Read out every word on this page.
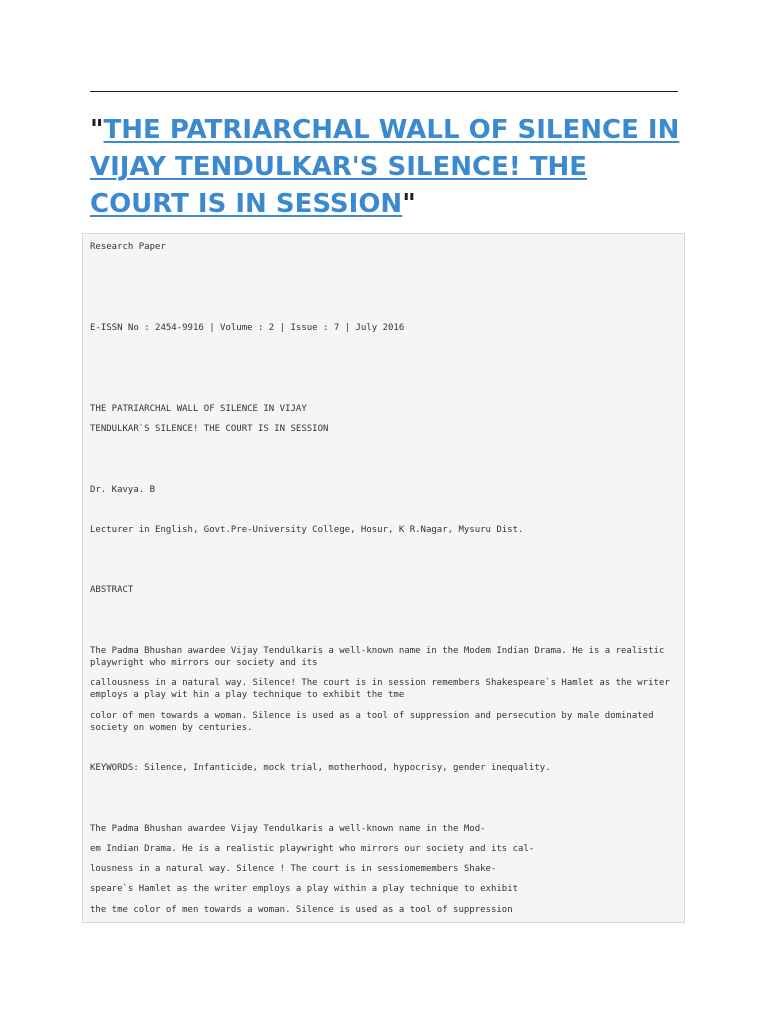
"THE PATRIARCHAL WALL OF SILENCE IN VIJAY TENDULKAR'S SILENCE! THE COURT IS IN SESSION"

Research Paper

E-ISSN No : 2454-9916 | Volume : 2 | Issue : 7 | July 2016

THE PATRIARCHAL WALL OF SILENCE IN VIJAY

TENDULKAR`S SILENCE! THE COURT IS IN SESSION

Dr. Kavya. B

Lecturer in English, Govt.Pre-University College, Hosur, K R.Nagar, Mysuru Dist.

ABSTRACT

The Padma Bhushan awardee Vijay Tendulkaris a well-known name in the Modem Indian Drama. He is a realistic playwright who mirrors our society and its

callousness in a natural way. Silence! The court is in session remembers Shakespeare`s Hamlet as the writer employs a play wit hin a play technique to exhibit the tme

color of men towards a woman. Silence is used as a tool of suppression and persecution by male dominated society on women by centuries.

KEYWORDS: Silence, Infanticide, mock trial, motherhood, hypocrisy, gender inequality.

The Padma Bhushan awardee Vijay Tendulkaris a well-known name in the Mod-

em Indian Drama. He is a realistic playwright who mirrors our society and its cal-

lousness in a natural way. Silence ! The court is in sessiomemembers Shake-

speare`s Hamlet as the writer employs a play within a play technique to exhibit

the tme color of men towards a woman. Silence is used as a tool of suppression
